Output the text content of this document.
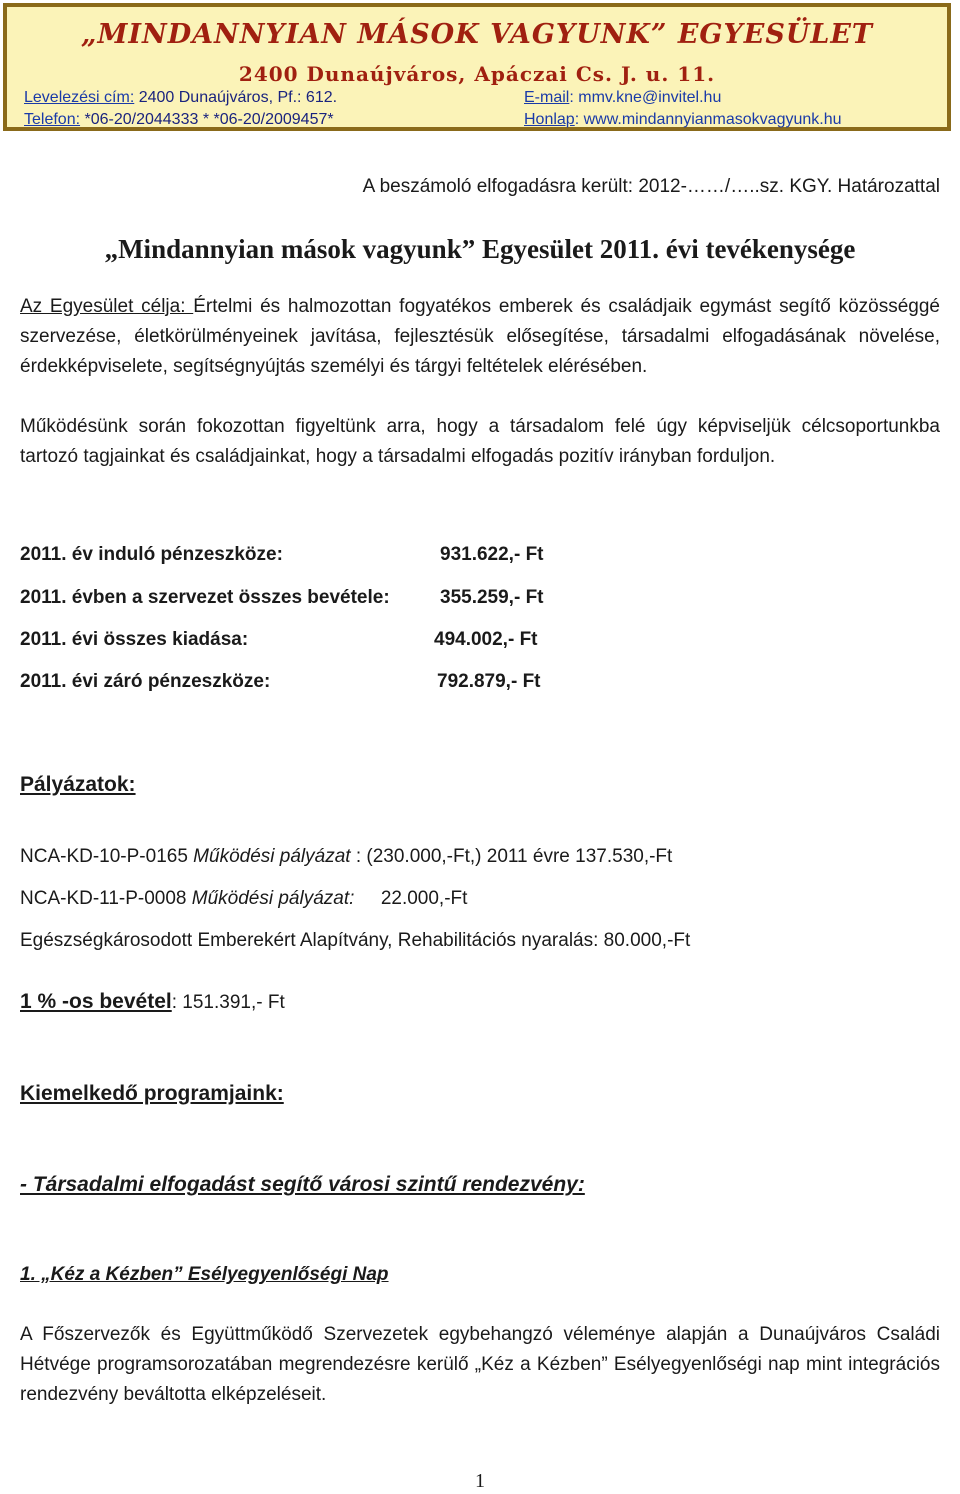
„MINDANNYIAN MÁSOK VAGYUNK” EGYESÜLET
2400 Dunaújváros, Apáczai Cs. J. u. 11.
Levelezési cím: 2400 Dunaújváros, Pf.: 612.	E-mail: mmv.kne@invitel.hu
Telefon: *06-20/2044333 * *06-20/2009457*	Honlap: www.mindannyianmasokvagyunk.hu
A beszámoló elfogadásra került: 2012-……/…..sz. KGY. Határozattal
„Mindannyian mások vagyunk” Egyesület 2011. évi tevékenysége
Az Egyesület célja: Értelmi és halmozottan fogyatékos emberek és családjaik egymást segítő közösséggé szervezése, életkörülményeinek javítása, fejlesztésük elősegítése, társadalmi elfogadásának növelése, érdekképviselete, segítségnyújtás személyi és tárgyi feltételek elérésében.
Működésünk során fokozottan figyeltünk arra, hogy a társadalom felé úgy képviseljük célcsoportunkba tartozó tagjainkat és családjainkat, hogy a társadalmi elfogadás pozitív irányban forduljon.
2011. év induló pénzeszköze:	931.622,- Ft
2011. évben a szervezet összes bevétele:	355.259,- Ft
2011. évi összes kiadása:	494.002,- Ft
2011. évi záró pénzeszköze:	792.879,- Ft
Pályázatok:
NCA-KD-10-P-0165 Működési pályázat : (230.000,-Ft,) 2011 évre 137.530,-Ft
NCA-KD-11-P-0008 Működési pályázat:     22.000,-Ft
Egészségkárosodott Emberekért Alapítvány, Rehabilitációs nyaralás: 80.000,-Ft
1 % -os bevétel: 151.391,- Ft
Kiemelkedő programjaink:
- Társadalmi elfogadást segítő városi szintű rendezvény:
1. „Kéz a Kézben” Esélyegyenlőségi Nap
A Főszervezők és Együttműködő Szervezetek egybehangzó véleménye alapján a Dunaújváros Családi Hétvége programsorozatában megrendezésre kerülő „Kéz a Kézben” Esélyegyenlőségi nap mint integrációs rendezvény beváltotta elképzeléseit.
1
